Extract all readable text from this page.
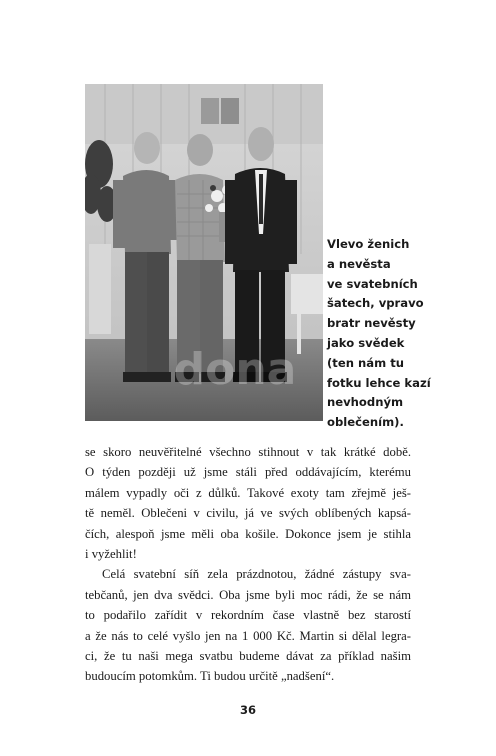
dona
Vlevo ženich
a nevěsta
ve svatebních
šatech, vpravo
bratr nevěsty
jako svědek
(ten nám tu
fotku lehce kazí
nevhodným
oblečením).
se skoro neuvěřitelné všechno stihnout v tak krátké době.
O týden později už jsme stáli před oddávajícím, kterému
málem vypadly oči z důlků. Takové exoty tam zřejmě ješ-
tě neměl. Oblečeni v civilu, já ve svých oblíbených kapsá-
čích, alespoň jsme měli oba košile. Dokonce jsem je stihla
i vyžehlit!
Celá svatební síň zela prázdnotou, žádné zástupy sva-
tebčanů, jen dva svědci. Oba jsme byli moc rádi, že se nám
to podařilo zařídit v rekordním čase vlastně bez starostí
a že nás to celé vyšlo jen na 1 000 Kč. Martin si dělal legra-
ci, že tu naši mega svatbu budeme dávat za příklad našim
budoucím potomkům. Ti budou určitě „nadšení“.
36
